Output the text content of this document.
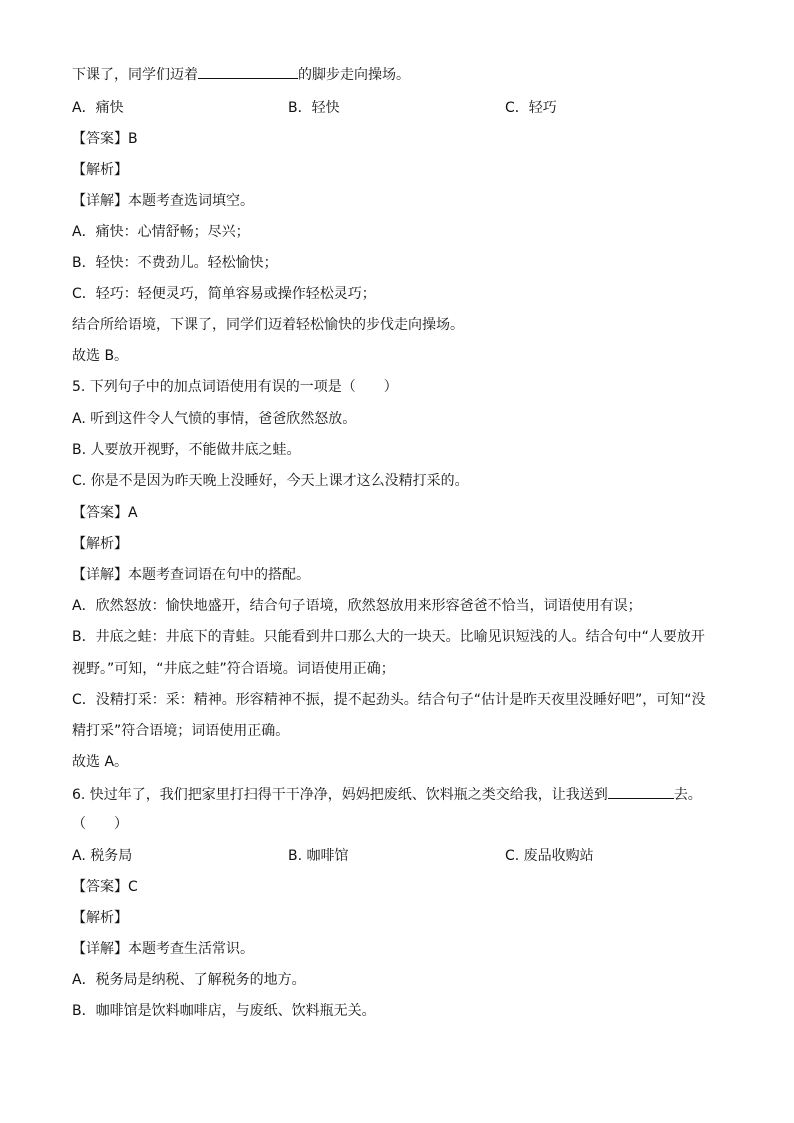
下课了，同学们迈着	的脚步走向操场。
A．痛快	B．轻快	C．轻巧
【答案】B
【解析】
【详解】本题考查选词填空。
A．痛快：心情舒畅；尽兴；
B．轻快：不费劲儿。轻松愉快；
C．轻巧：轻便灵巧，简单容易或操作轻松灵巧；
结合所给语境，下课了，同学们迈着轻松愉快的步伐走向操场。
故选 B。
5. 下列句子中的加点词语使用有误的一项是（　　）
A. 听到这件令人气愤的事情，爸爸欣然怒放。
B. 人要放开视野，不能做井底之蛙。
C. 你是不是因为昨天晚上没睡好，今天上课才这么没精打采的。
【答案】A
【解析】
【详解】本题考查词语在句中的搭配。
A．欣然怒放：愉快地盛开，结合句子语境，欣然怒放用来形容爸爸不恰当，词语使用有误；
B．井底之蛙：井底下的青蛙。只能看到井口那么大的一块天。比喻见识短浅的人。结合句中“人要放开
视野。”可知，“井底之蛙”符合语境。词语使用正确；
C．没精打采：采：精神。形容精神不振，提不起劲头。结合句子“估计是昨天夜里没睡好吧”，可知“没
精打采”符合语境；词语使用正确。
故选 A。
6. 快过年了，我们把家里打扫得干干净净，妈妈把废纸、饮料瓶之类交给我，让我送到	去。
（　　）
A. 税务局	B. 咖啡馆	C. 废品收购站
【答案】C
【解析】
【详解】本题考查生活常识。
A．税务局是纳税、了解税务的地方。
B．咖啡馆是饮料咖啡店，与废纸、饮料瓶无关。
